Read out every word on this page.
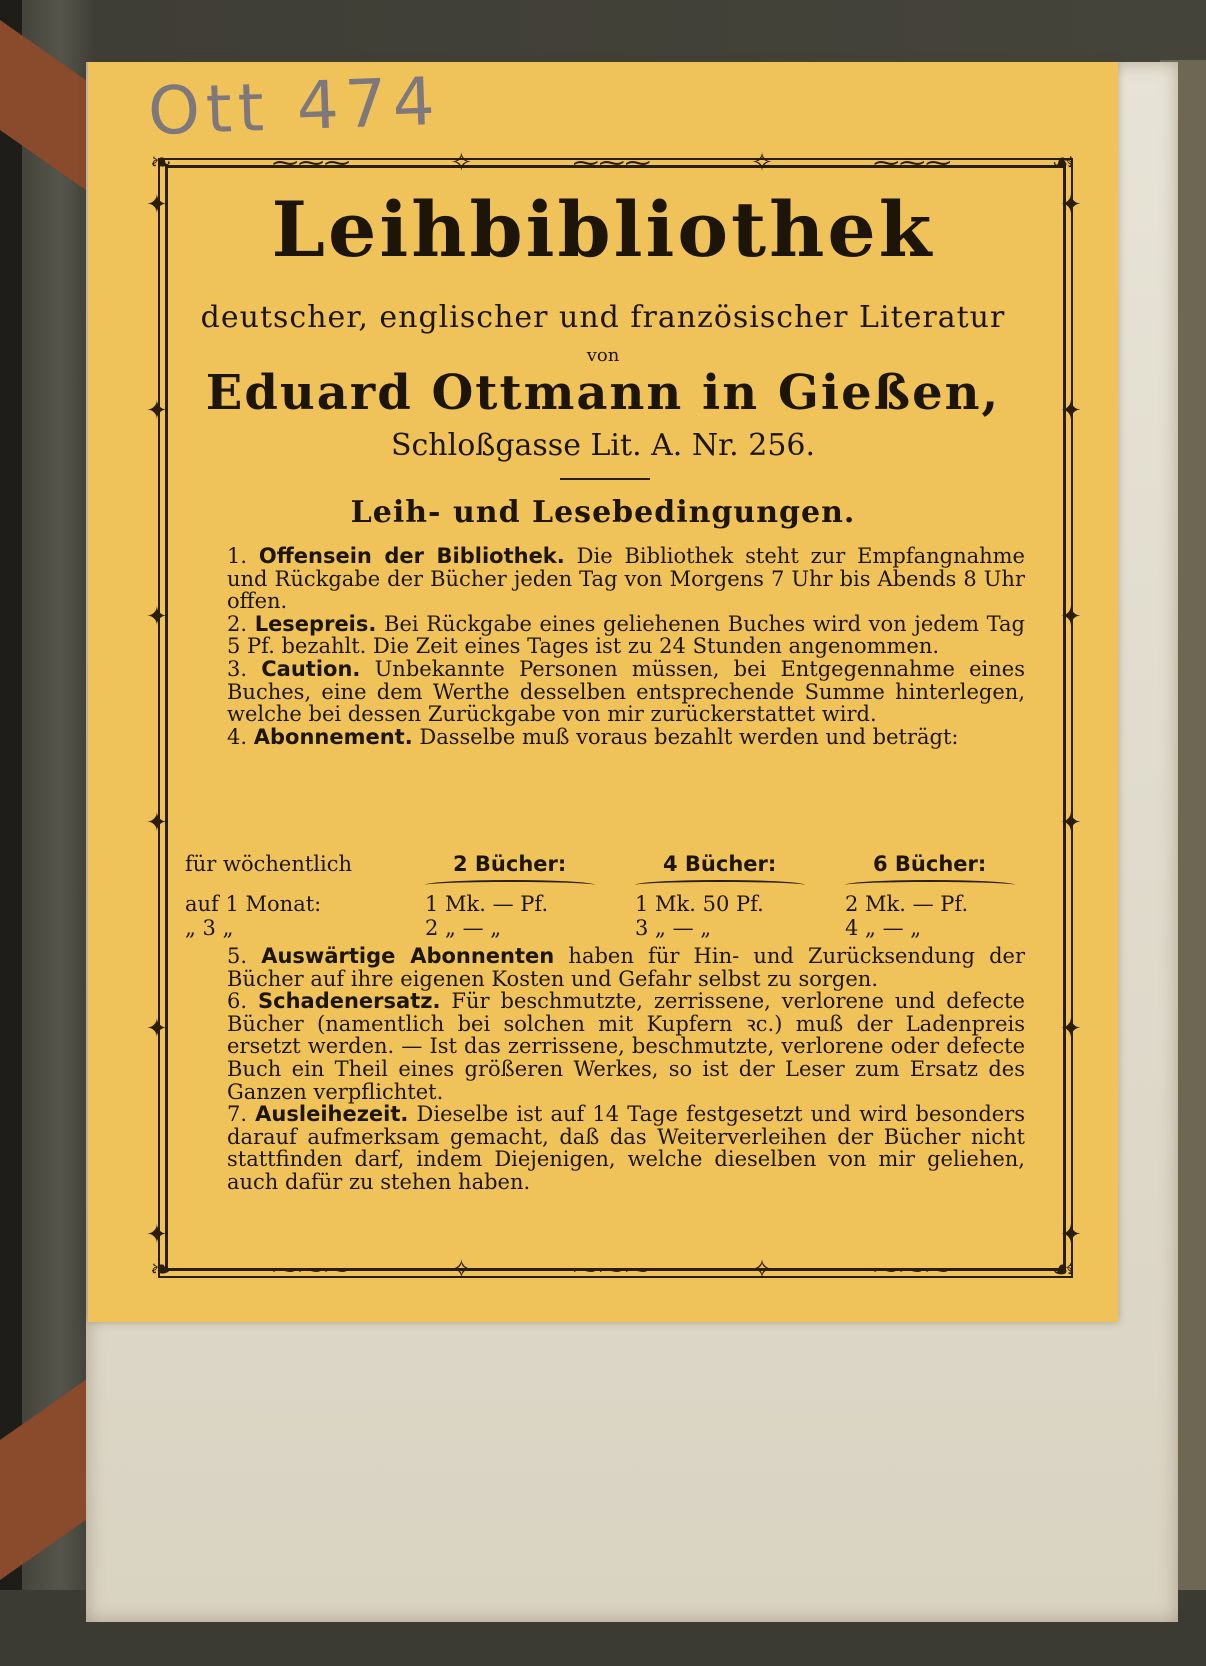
Ott 474
❧	⁓⁓⁓	✧	⁓⁓⁓	✧	⁓⁓⁓	☙
❧	⁓⁓⁓	✧	⁓⁓⁓	✧	⁓⁓⁓	☙
✦
✦
✦
✦
✦
✦
✦
✦
✦
✦
✦
✦
Leihbibliothek
deutscher, englischer und französischer Literatur
von
Eduard Ottmann in Gießen,
Schloßgasse Lit. A. Nr. 256.
Leih- und Lesebedingungen.

1. Offensein der Bibliothek. Die Bibliothek steht zur Empfangnahme und Rückgabe der Bücher jeden Tag von Morgens 7 Uhr bis Abends 8 Uhr offen.

2. Lesepreis. Bei Rückgabe eines geliehenen Buches wird von jedem Tag 5 Pf. bezahlt. Die Zeit eines Tages ist zu 24 Stunden angenommen.

3. Caution. Unbekannte Personen müssen, bei Entgegennahme eines Buches, eine dem Werthe desselben entsprechende Summe hinterlegen, welche bei dessen Zurückgabe von mir zurückerstattet wird.

4. Abonnement. Dasselbe muß voraus bezahlt werden und beträgt:

für wöchentlich	2 Bücher:	4 Bücher:	6 Bücher:
auf 1 Monat:	1 Mk. — Pf.	1 Mk. 50 Pf.	2 Mk. — Pf.
„ 3 „	2 „ — „	3 „ — „	4 „ — „

5. Auswärtige Abonnenten haben für Hin- und Zurücksendung der Bücher auf ihre eigenen Kosten und Gefahr selbst zu sorgen.

6. Schadenersatz. Für beschmutzte, zerrissene, verlorene und defecte Bücher (namentlich bei solchen mit Kupfern ꝛc.) muß der Ladenpreis ersetzt werden. — Ist das zerrissene, beschmutzte, verlorene oder defecte Buch ein Theil eines größeren Werkes, so ist der Leser zum Ersatz des Ganzen verpflichtet.

7. Ausleihezeit. Dieselbe ist auf 14 Tage festgesetzt und wird besonders darauf aufmerksam gemacht, daß das Weiterverleihen der Bücher nicht stattfinden darf, indem Diejenigen, welche dieselben von mir geliehen, auch dafür zu stehen haben.
